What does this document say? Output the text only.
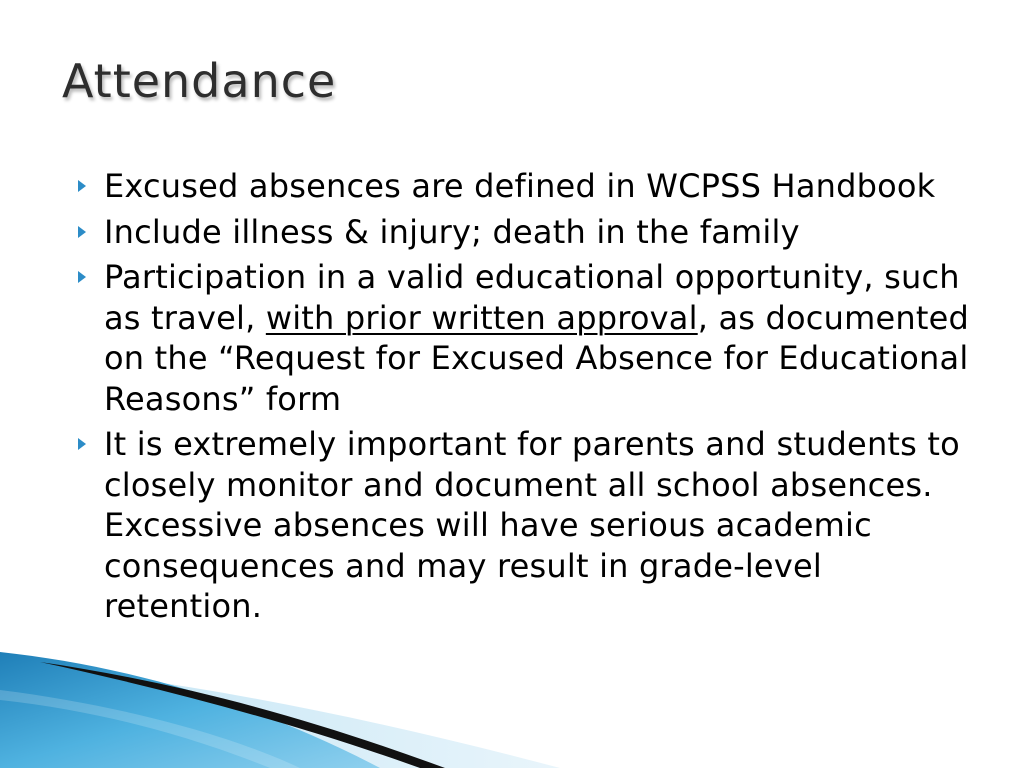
Attendance
Excused absences are defined in WCPSS Handbook
Include illness & injury; death in the family
Participation in a valid educational opportunity, such as travel, with prior written approval, as documented on the “Request for Excused Absence for Educational Reasons” form
It is extremely important for parents and students to closely monitor and document all school absences.  Excessive absences will have serious academic consequences and may result in grade-level retention.
